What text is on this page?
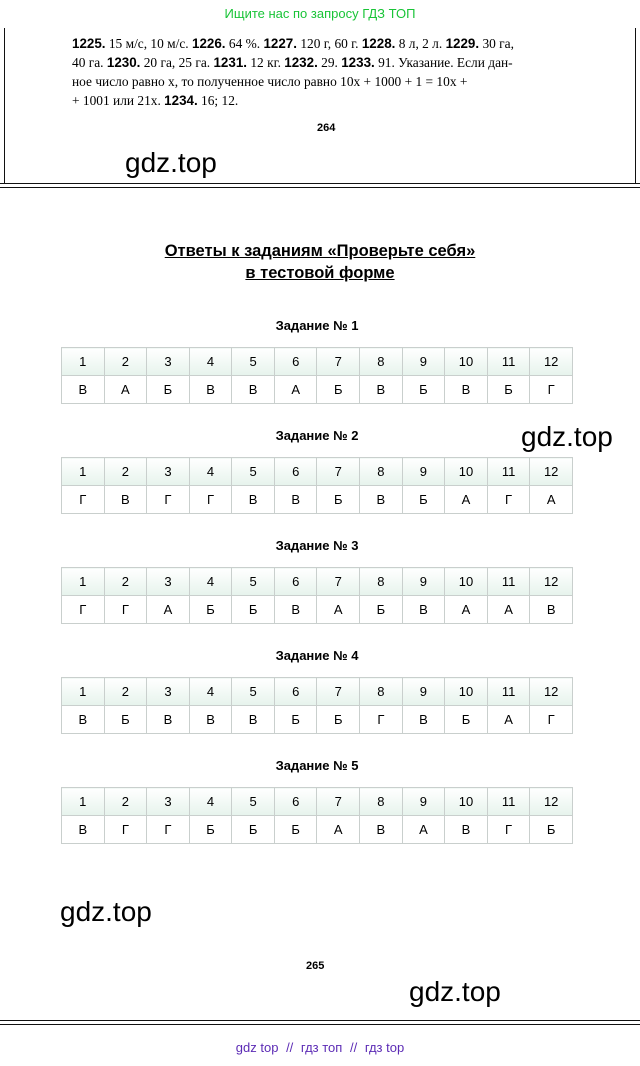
Ищите нас по запросу ГДЗ ТОП
1225. 15 м/с, 10 м/с. 1226. 64 %. 1227. 120 г, 60 г. 1228. 8 л, 2 л. 1229. 30 га,
40 га. 1230. 20 га, 25 га. 1231. 12 кг. 1232. 29. 1233. 91. Указание. Если дан-
ное число равно x, то полученное число равно 10x + 1000 + 1 = 10x +
+ 1001 или 21x. 1234. 16; 12.
264
gdz.top
Ответы к заданиям «Проверьте себя»
в тестовой форме
Задание № 1
1	2	3	4	5	6	7	8	9	10	11	12
В	А	Б	В	В	А	Б	В	Б	В	Б	Г
gdz.top
Задание № 2
1	2	3	4	5	6	7	8	9	10	11	12
Г	В	Г	Г	В	В	Б	В	Б	А	Г	А
Задание № 3
1	2	3	4	5	6	7	8	9	10	11	12
Г	Г	А	Б	Б	В	А	Б	В	А	А	В
Задание № 4
1	2	3	4	5	6	7	8	9	10	11	12
В	Б	В	В	В	Б	Б	Г	В	Б	А	Г
Задание № 5
1	2	3	4	5	6	7	8	9	10	11	12
В	Г	Г	Б	Б	Б	А	В	А	В	Г	Б
gdz.top
265
gdz.top
gdz top // гдз топ // гдз top
